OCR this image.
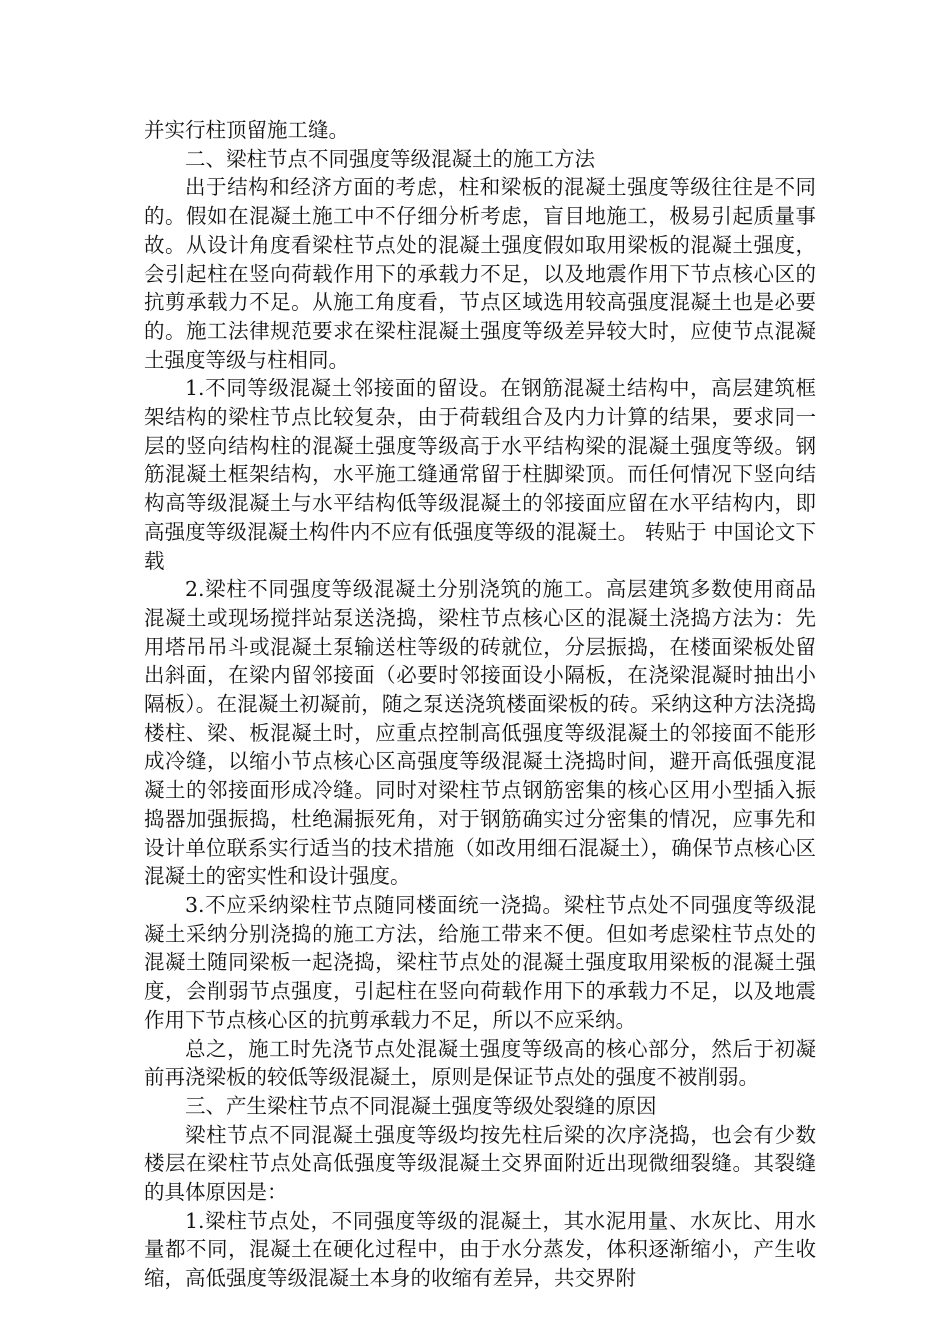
并实行柱顶留施工缝。

二、梁柱节点不同强度等级混凝土的施工方法

出于结构和经济方面的考虑，柱和梁板的混凝土强度等级往往是不同的。假如在混凝土施工中不仔细分析考虑，盲目地施工，极易引起质量事故。从设计角度看梁柱节点处的混凝土强度假如取用梁板的混凝土强度，会引起柱在竖向荷载作用下的承载力不足，以及地震作用下节点核心区的抗剪承载力不足。从施工角度看，节点区域选用较高强度混凝土也是必要的。施工法律规范要求在梁柱混凝土强度等级差异较大时，应使节点混凝土强度等级与柱相同。

1.不同等级混凝土邻接面的留设。在钢筋混凝土结构中，高层建筑框架结构的梁柱节点比较复杂，由于荷载组合及内力计算的结果，要求同一层的竖向结构柱的混凝土强度等级高于水平结构梁的混凝土强度等级。钢筋混凝土框架结构，水平施工缝通常留于柱脚梁顶。而任何情况下竖向结构高等级混凝土与水平结构低等级混凝土的邻接面应留在水平结构内，即高强度等级混凝土构件内不应有低强度等级的混凝土。 转贴于 中国论文下载

2.梁柱不同强度等级混凝土分别浇筑的施工。高层建筑多数使用商品混凝土或现场搅拌站泵送浇捣，梁柱节点核心区的混凝土浇捣方法为：先用塔吊吊斗或混凝土泵输送柱等级的砖就位，分层振捣，在楼面梁板处留出斜面，在梁内留邻接面（必要时邻接面设小隔板，在浇梁混凝时抽出小隔板）。在混凝土初凝前，随之泵送浇筑楼面梁板的砖。采纳这种方法浇捣楼柱、梁、板混凝土时，应重点控制高低强度等级混凝土的邻接面不能形成冷缝，以缩小节点核心区高强度等级混凝土浇捣时间，避开高低强度混凝土的邻接面形成冷缝。同时对梁柱节点钢筋密集的核心区用小型插入振捣器加强振捣，杜绝漏振死角，对于钢筋确实过分密集的情况，应事先和设计单位联系实行适当的技术措施（如改用细石混凝土），确保节点核心区混凝土的密实性和设计强度。

3.不应采纳梁柱节点随同楼面统一浇捣。梁柱节点处不同强度等级混凝土采纳分别浇捣的施工方法，给施工带来不便。但如考虑梁柱节点处的混凝土随同梁板一起浇捣，梁柱节点处的混凝土强度取用梁板的混凝土强度，会削弱节点强度，引起柱在竖向荷载作用下的承载力不足，以及地震作用下节点核心区的抗剪承载力不足，所以不应采纳。

总之，施工时先浇节点处混凝土强度等级高的核心部分，然后于初凝前再浇梁板的较低等级混凝土，原则是保证节点处的强度不被削弱。

三、产生梁柱节点不同混凝土强度等级处裂缝的原因

梁柱节点不同混凝土强度等级均按先柱后梁的次序浇捣，也会有少数楼层在梁柱节点处高低强度等级混凝土交界面附近出现微细裂缝。其裂缝的具体原因是：

1.梁柱节点处，不同强度等级的混凝土，其水泥用量、水灰比、用水量都不同，混凝土在硬化过程中，由于水分蒸发，体积逐渐缩小，产生收缩，高低强度等级混凝土本身的收缩有差异，共交界附
